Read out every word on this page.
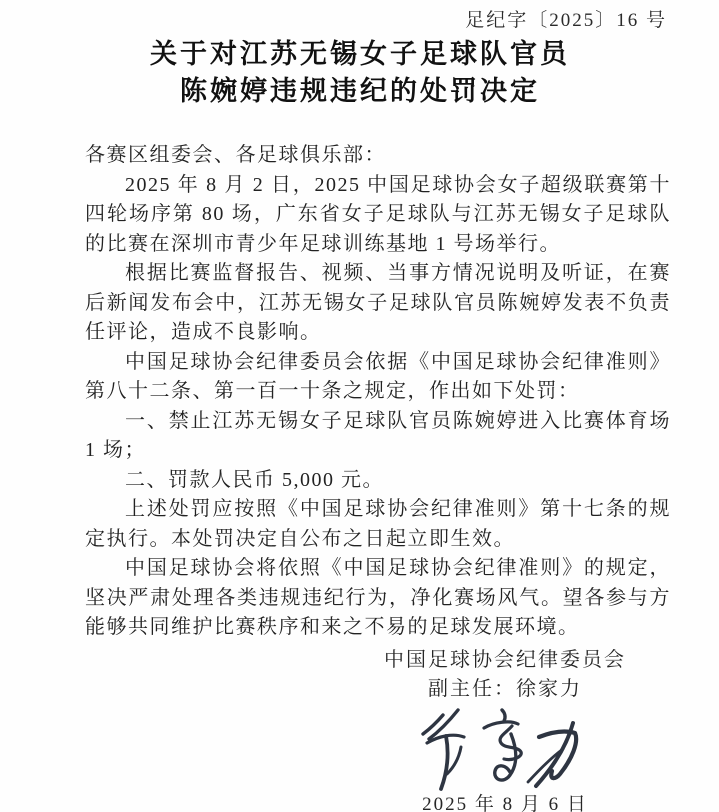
足纪字〔2025〕16 号
关于对江苏无锡女子足球队官员
陈婉婷违规违纪的处罚决定

各赛区组委会、各足球俱乐部：

2025 年 8 月 2 日，2025 中国足球协会女子超级联赛第十四轮场序第 80 场，广东省女子足球队与江苏无锡女子足球队的比赛在深圳市青少年足球训练基地 1 号场举行。

根据比赛监督报告、视频、当事方情况说明及听证，在赛后新闻发布会中，江苏无锡女子足球队官员陈婉婷发表不负责任评论，造成不良影响。

中国足球协会纪律委员会依据《中国足球协会纪律准则》第八十二条、第一百一十条之规定，作出如下处罚：

一、禁止江苏无锡女子足球队官员陈婉婷进入比赛体育场 1 场；

二、罚款人民币 5,000 元。

上述处罚应按照《中国足球协会纪律准则》第十七条的规定执行。本处罚决定自公布之日起立即生效。

中国足球协会将依照《中国足球协会纪律准则》的规定，坚决严肃处理各类违规违纪行为，净化赛场风气。望各参与方能够共同维护比赛秩序和来之不易的足球发展环境。

中国足球协会纪律委员会
副主任：徐家力
2025 年 8 月 6 日
